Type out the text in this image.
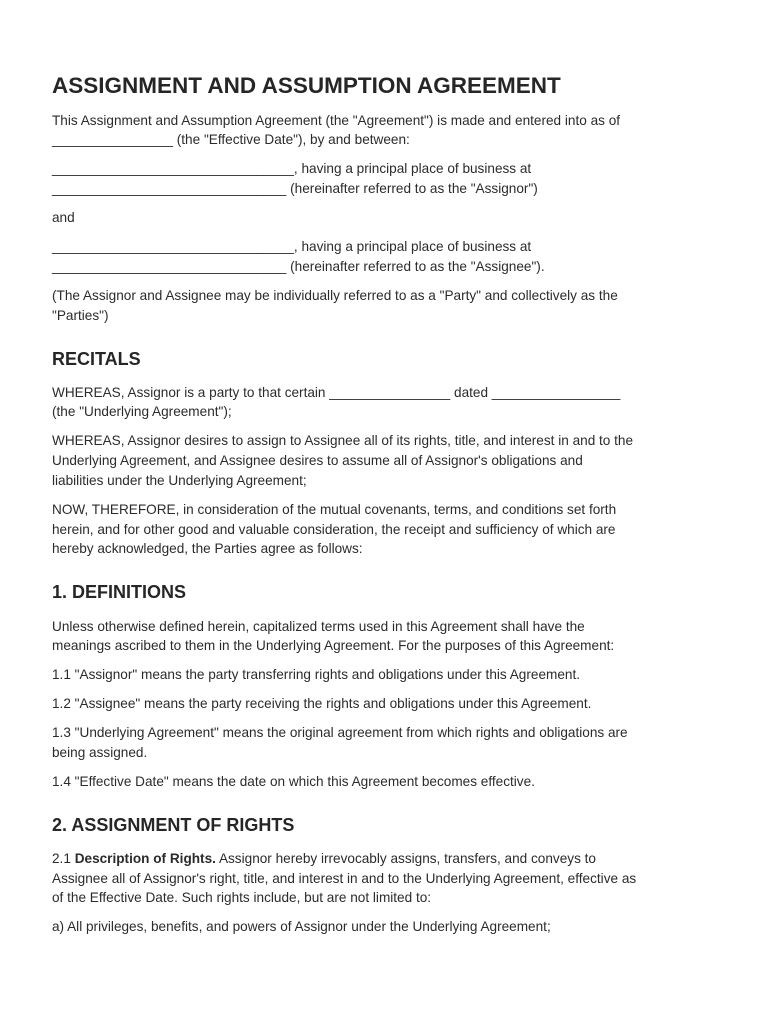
ASSIGNMENT AND ASSUMPTION AGREEMENT
This Assignment and Assumption Agreement (the "Agreement") is made and entered into as of
________________ (the "Effective Date"), by and between:
________________________________, having a principal place of business at
_______________________________ (hereinafter referred to as the "Assignor")
and
________________________________, having a principal place of business at
_______________________________ (hereinafter referred to as the "Assignee").
(The Assignor and Assignee may be individually referred to as a "Party" and collectively as the
"Parties")
WHEREAS, Assignor is a party to that certain ________________ dated _________________
(the "Underlying Agreement");
WHEREAS, Assignor desires to assign to Assignee all of its rights, title, and interest in and to the
Underlying Agreement, and Assignee desires to assume all of Assignor's obligations and
liabilities under the Underlying Agreement;
NOW, THEREFORE, in consideration of the mutual covenants, terms, and conditions set forth
herein, and for other good and valuable consideration, the receipt and sufficiency of which are
hereby acknowledged, the Parties agree as follows:
Unless otherwise defined herein, capitalized terms used in this Agreement shall have the
meanings ascribed to them in the Underlying Agreement. For the purposes of this Agreement:
1.1 "Assignor" means the party transferring rights and obligations under this Agreement.
1.2 "Assignee" means the party receiving the rights and obligations under this Agreement.
1.3 "Underlying Agreement" means the original agreement from which rights and obligations are
being assigned.
1.4 "Effective Date" means the date on which this Agreement becomes effective.
Assignee all of Assignor's right, title, and interest in and to the Underlying Agreement, effective as
of the Effective Date. Such rights include, but are not limited to:
a) All privileges, benefits, and powers of Assignor under the Underlying Agreement;
RECITALS
1. DEFINITIONS
2. ASSIGNMENT OF RIGHTS
2.1 Description of Rights. Assignor hereby irrevocably assigns, transfers, and conveys to
